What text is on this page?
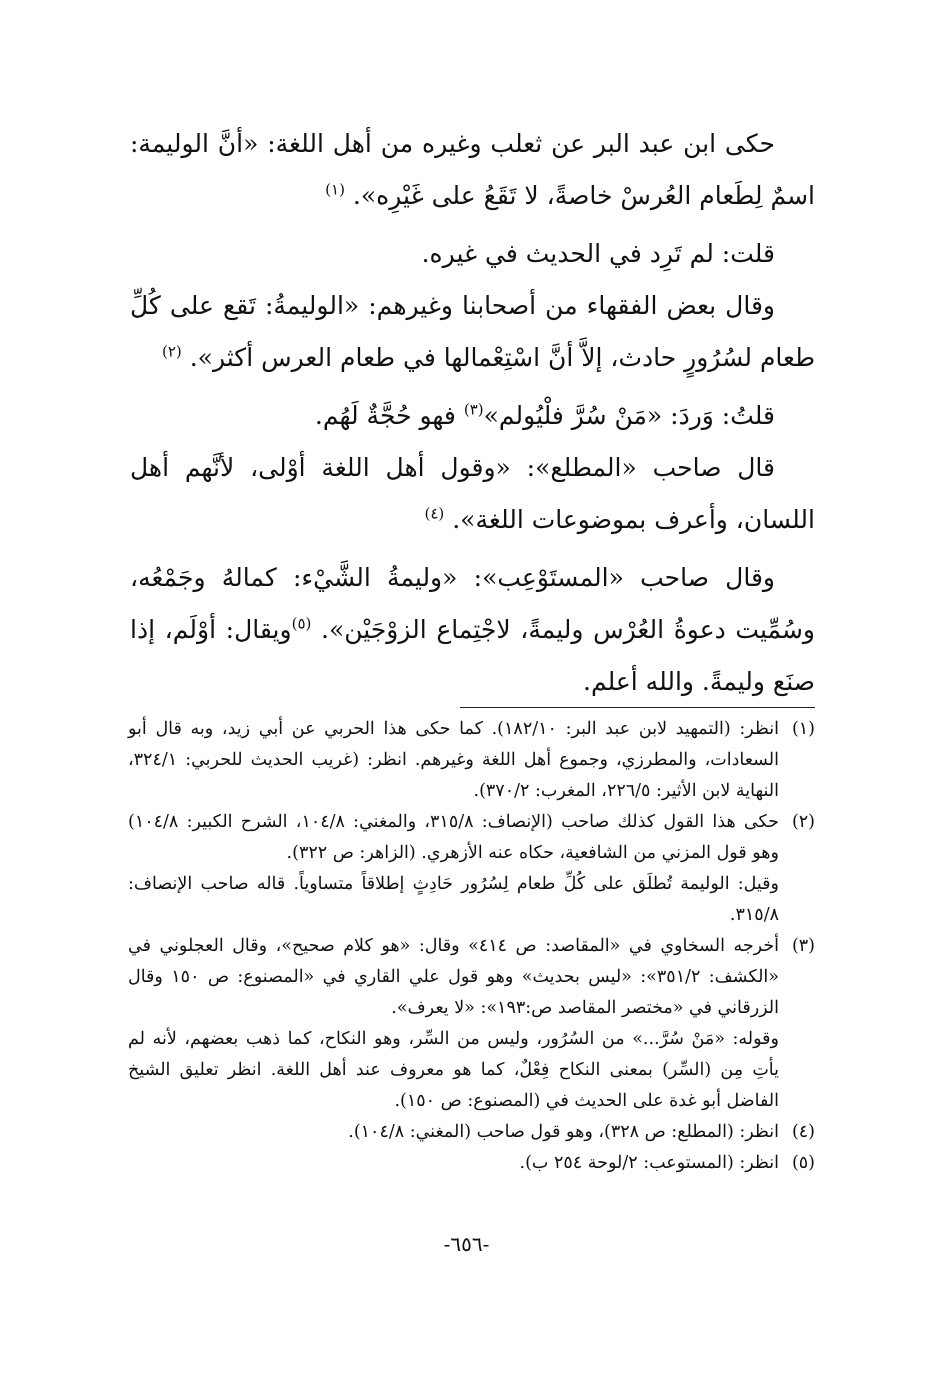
حكى ابن عبد البر عن ثعلب وغيره من أهل اللغة: «أنَّ الوليمة: اسمٌ لِطَعام العُرسْ خاصةً، لا تَقَعُ على غَيْرِه». $^{(١)}$

قلت: لم تَرِد في الحديث في غيره.

وقال بعض الفقهاء من أصحابنا وغيرهم: «الوليمةُ: تَقع على كُلِّ طعام لسُرُورٍ حادث، إلاَّ أنَّ اسْتِعْمالها في طعام العرس أكثر». $^{(٢)}$

قلتُ: وَردَ: «مَنْ سُرَّ فلْيُولم»$^{(٣)}$ فهو حُجَّةٌ لَهُم.

قال صاحب «المطلع»: «وقول أهل اللغة أوْلى، لأنَّهم أهل اللسان، وأعرف بموضوعات اللغة». $^{(٤)}$

وقال صاحب «المستَوْعِب»: «وليمةُ الشَّيْء: كمالهُ وجَمْعُه، وسُمِّيت دعوةُ العُرْس وليمةً، لاجْتِماع الزوْجَيْن». $^{(٥)}$ويقال: أوْلَم، إذا صنَع وليمةً. والله أعلم.

(١)
انظر: (التمهيد لابن عبد البر: ١٨٢/١٠). كما حكى هذا الحربي عن أبي زيد، وبه قال أبو السعادات، والمطرزي، وجموع أهل اللغة وغيرهم. انظر: (غريب الحديث للحربي: ٣٢٤/١، النهاية لابن الأثير: ٢٢٦/٥، المغرب: ٣٧٠/٢).
(٢)
حكى هذا القول كذلك صاحب (الإنصاف: ٣١٥/٨، والمغني: ١٠٤/٨، الشرح الكبير: ١٠٤/٨) وهو قول المزني من الشافعية، حكاه عنه الأزهري. (الزاهر: ص ٣٢٢).
وقيل: الوليمة تُطلَق على كُلِّ طعام لِسُرُور حَادِثٍ إطلاقاً متساوياً. قاله صاحب الإنصاف: ٣١٥/٨.
(٣)
أخرجه السخاوي في «المقاصد: ص ٤١٤» وقال: «هو كلام صحيح»، وقال العجلوني في «الكشف: ٣٥١/٢»: «ليس بحديث» وهو قول علي القاري في «المصنوع: ص ١٥٠ وقال الزرقاني في «مختصر المقاصد ص:١٩٣»: «لا يعرف».
وقوله: «مَنْ سُرَّ...» من السُرُور، وليس من السِّر، وهو النكاح، كما ذهب بعضهم، لأنه لم يأتِ مِن (السِّر) بمعنى النكاح فِعْلٌ، كما هو معروف عند أهل اللغة. انظر تعليق الشيخ الفاضل أبو غدة على الحديث في (المصنوع: ص ١٥٠).
(٤)
انظر: (المطلع: ص ٣٢٨)، وهو قول صاحب (المغني: ١٠٤/٨).
(٥)
انظر: (المستوعب: ٢/لوحة ٢٥٤ ب).
-٦٥٦-
